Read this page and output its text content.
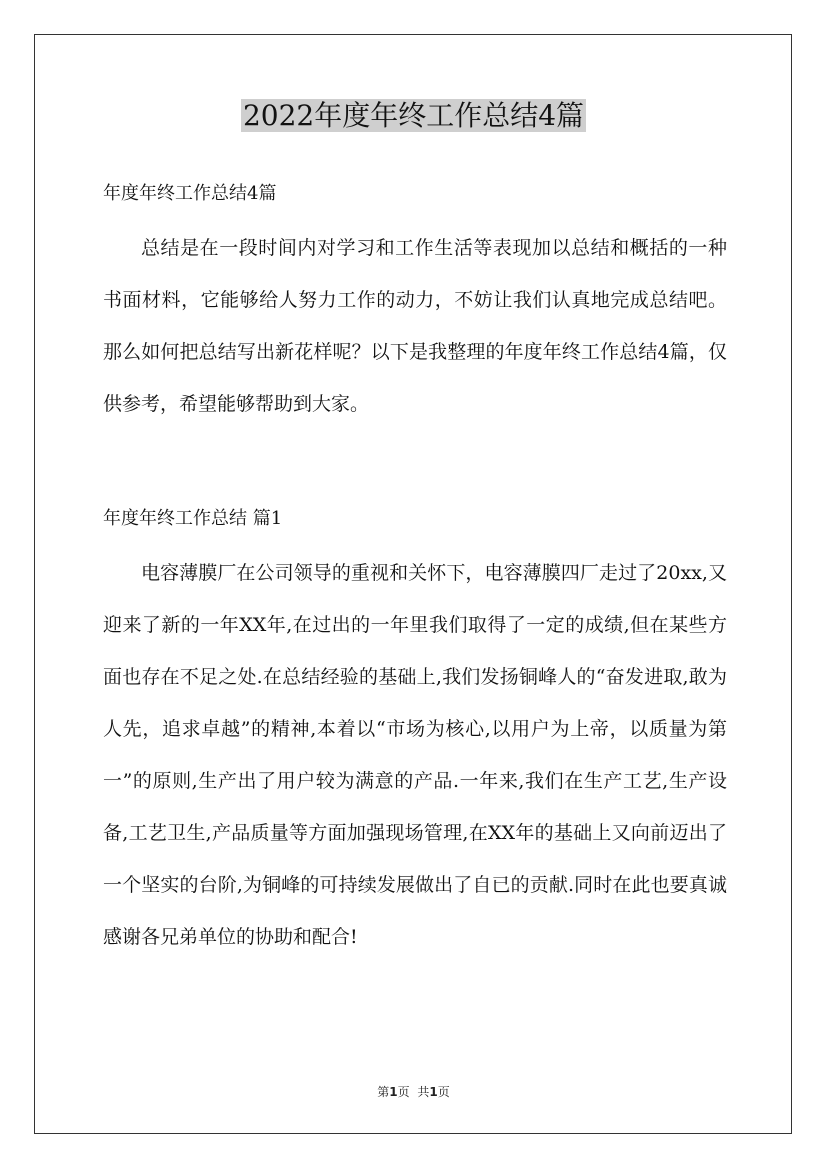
2022年度年终工作总结4篇
年度年终工作总结4篇

总结是在一段时间内对学习和工作生活等表现加以总结和概括的一种书面材料，它能够给人努力工作的动力，不妨让我们认真地完成总结吧。那么如何把总结写出新花样呢？以下是我整理的年度年终工作总结4篇，仅供参考，希望能够帮助到大家。

年度年终工作总结 篇1

电容薄膜厂在公司领导的重视和关怀下，电容薄膜四厂走过了20xx,又迎来了新的一年XX年,在过出的一年里我们取得了一定的成绩,但在某些方面也存在不足之处.在总结经验的基础上,我们发扬铜峰人的“奋发进取,敢为人先，追求卓越”的精神,本着以“市场为核心,以用户为上帝，以质量为第一”的原则,生产出了用户较为满意的产品.一年来,我们在生产工艺,生产设备,工艺卫生,产品质量等方面加强现场管理,在XX年的基础上又向前迈出了一个坚实的台阶,为铜峰的可持续发展做出了自已的贡献.同时在此也要真诚感谢各兄弟单位的协助和配合!

第1页 共1页
